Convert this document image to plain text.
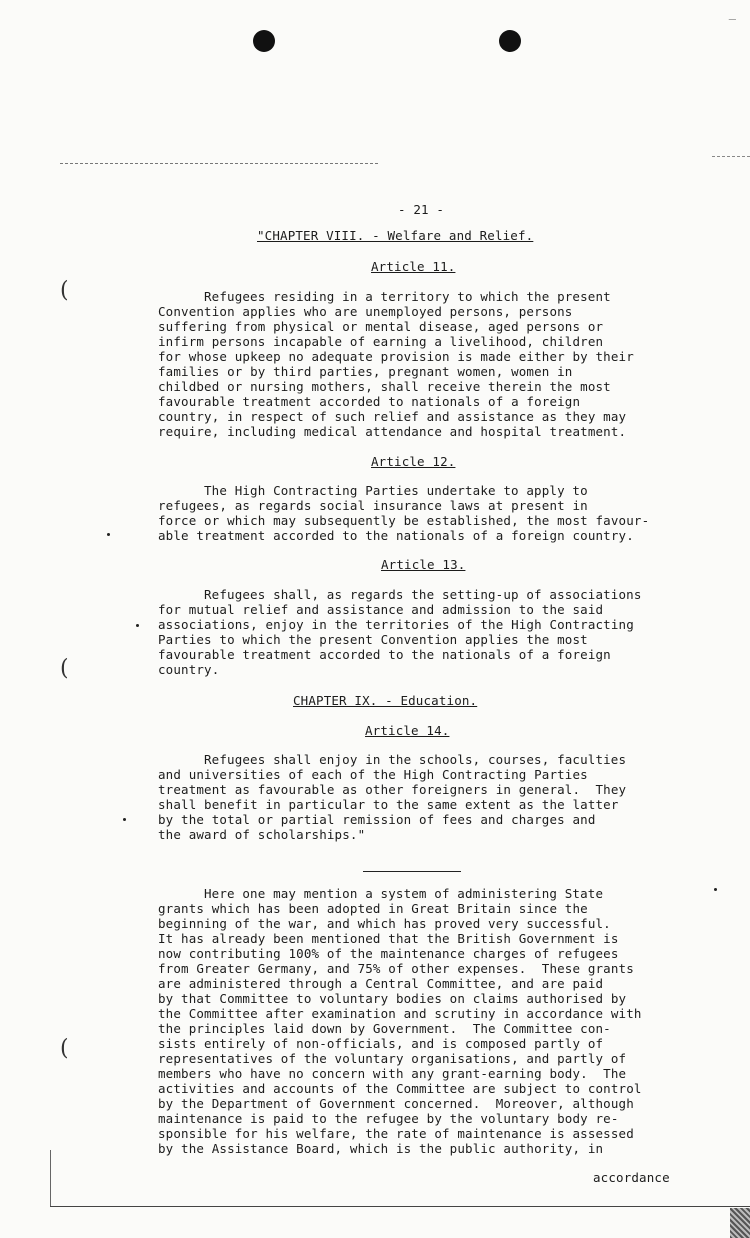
‾
- 21 -
"CHAPTER VIII. - Welfare and Relief.
Article 11.
Refugees residing in a territory to which the present
Convention applies who are unemployed persons, persons
suffering from physical or mental disease, aged persons or
infirm persons incapable of earning a livelihood, children
for whose upkeep no adequate provision is made either by their
families or by third parties, pregnant women, women in
childbed or nursing mothers, shall receive therein the most
favourable treatment accorded to nationals of a foreign
country, in respect of such relief and assistance as they may
require, including medical attendance and hospital treatment.
Article 12.
The High Contracting Parties undertake to apply to
refugees, as regards social insurance laws at present in
force or which may subsequently be established, the most favour-
able treatment accorded to the nationals of a foreign country.
Article 13.
Refugees shall, as regards the setting-up of associations
for mutual relief and assistance and admission to the said
associations, enjoy in the territories of the High Contracting
Parties to which the present Convention applies the most
favourable treatment accorded to the nationals of a foreign
country.
CHAPTER IX. - Education.
Article 14.
Refugees shall enjoy in the schools, courses, faculties
and universities of each of the High Contracting Parties
treatment as favourable as other foreigners in general.  They
shall benefit in particular to the same extent as the latter
by the total or partial remission of fees and charges and
the award of scholarships."
Here one may mention a system of administering State
grants which has been adopted in Great Britain since the
beginning of the war, and which has proved very successful.
It has already been mentioned that the British Government is
now contributing 100% of the maintenance charges of refugees
from Greater Germany, and 75% of other expenses.  These grants
are administered through a Central Committee, and are paid
by that Committee to voluntary bodies on claims authorised by
the Committee after examination and scrutiny in accordance with
the principles laid down by Government.  The Committee con-
sists entirely of non-officials, and is composed partly of
representatives of the voluntary organisations, and partly of
members who have no concern with any grant-earning body.  The
activities and accounts of the Committee are subject to control
by the Department of Government concerned.  Moreover, although
maintenance is paid to the refugee by the voluntary body re-
sponsible for his welfare, the rate of maintenance is assessed
by the Assistance Board, which is the public authority, in
accordance
(
(
(
